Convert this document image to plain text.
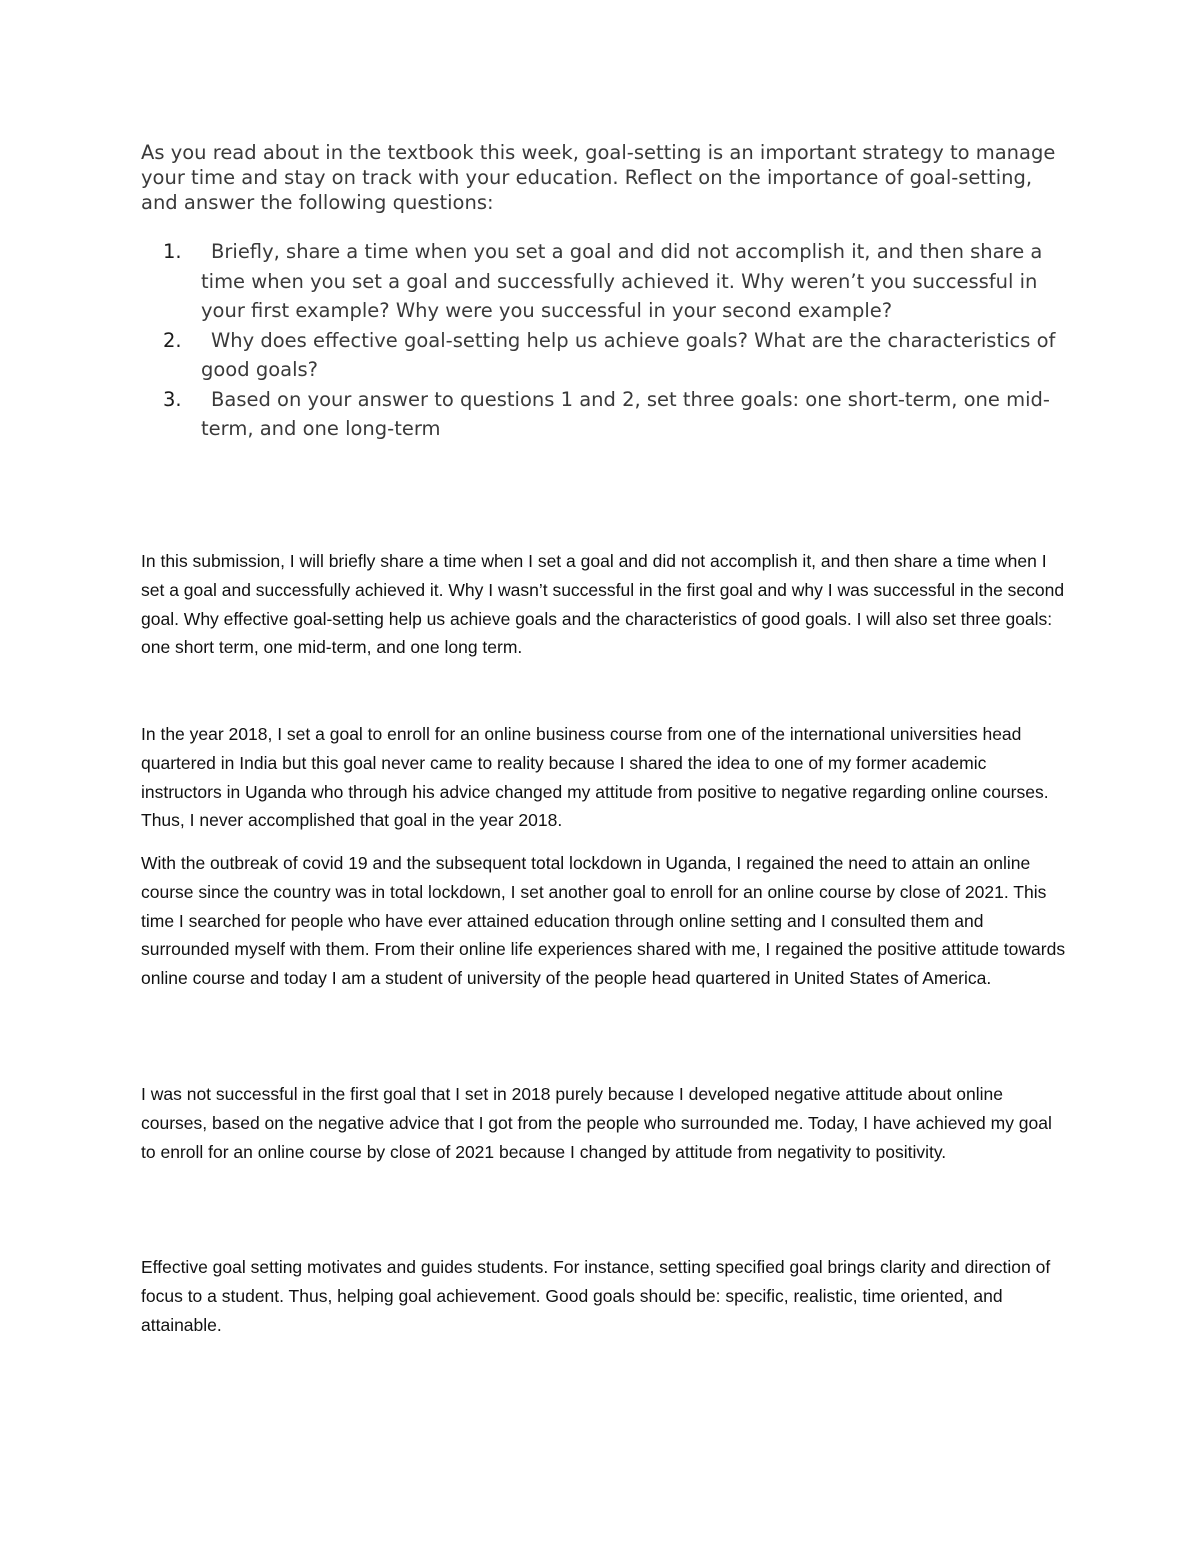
As you read about in the textbook this week, goal-setting is an important strategy to manage your time and stay on track with your education. Reflect on the importance of goal-setting, and answer the following questions:

1. Briefly, share a time when you set a goal and did not accomplish it, and then share a time when you set a goal and successfully achieved it. Why weren’t you successful in your first example? Why were you successful in your second example?
2. Why does effective goal-setting help us achieve goals? What are the characteristics of good goals?
3. Based on your answer to questions 1 and 2, set three goals: one short-term, one mid-term, and one long-term

In this submission, I will briefly share a time when I set a goal and did not accomplish it, and then share a time when I set a goal and successfully achieved it. Why I wasn’t successful in the first goal and why I was successful in the second goal. Why effective goal-setting help us achieve goals and the characteristics of good goals. I will also set three goals: one short term, one mid-term, and one long term.

In the year 2018, I set a goal to enroll for an online business course from one of the international universities head quartered in India but this goal never came to reality because I shared the idea to one of my former academic instructors in Uganda who through his advice changed my attitude from positive to negative regarding online courses. Thus, I never accomplished that goal in the year 2018.

With the outbreak of covid 19 and the subsequent total lockdown in Uganda, I regained the need to attain an online course since the country was in total lockdown, I set another goal to enroll for an online course by close of 2021. This time I searched for people who have ever attained education through online setting and I consulted them and surrounded myself with them. From their online life experiences shared with me, I regained the positive attitude towards online course and today I am a student of university of the people head quartered in United States of America.

I was not successful in the first goal that I set in 2018 purely because I developed negative attitude about online courses, based on the negative advice that I got from the people who surrounded me. Today, I have achieved my goal to enroll for an online course by close of 2021 because I changed by attitude from negativity to positivity.

Effective goal setting motivates and guides students. For instance, setting specified goal brings clarity and direction of focus to a student. Thus, helping goal achievement. Good goals should be: specific, realistic, time oriented, and attainable.
